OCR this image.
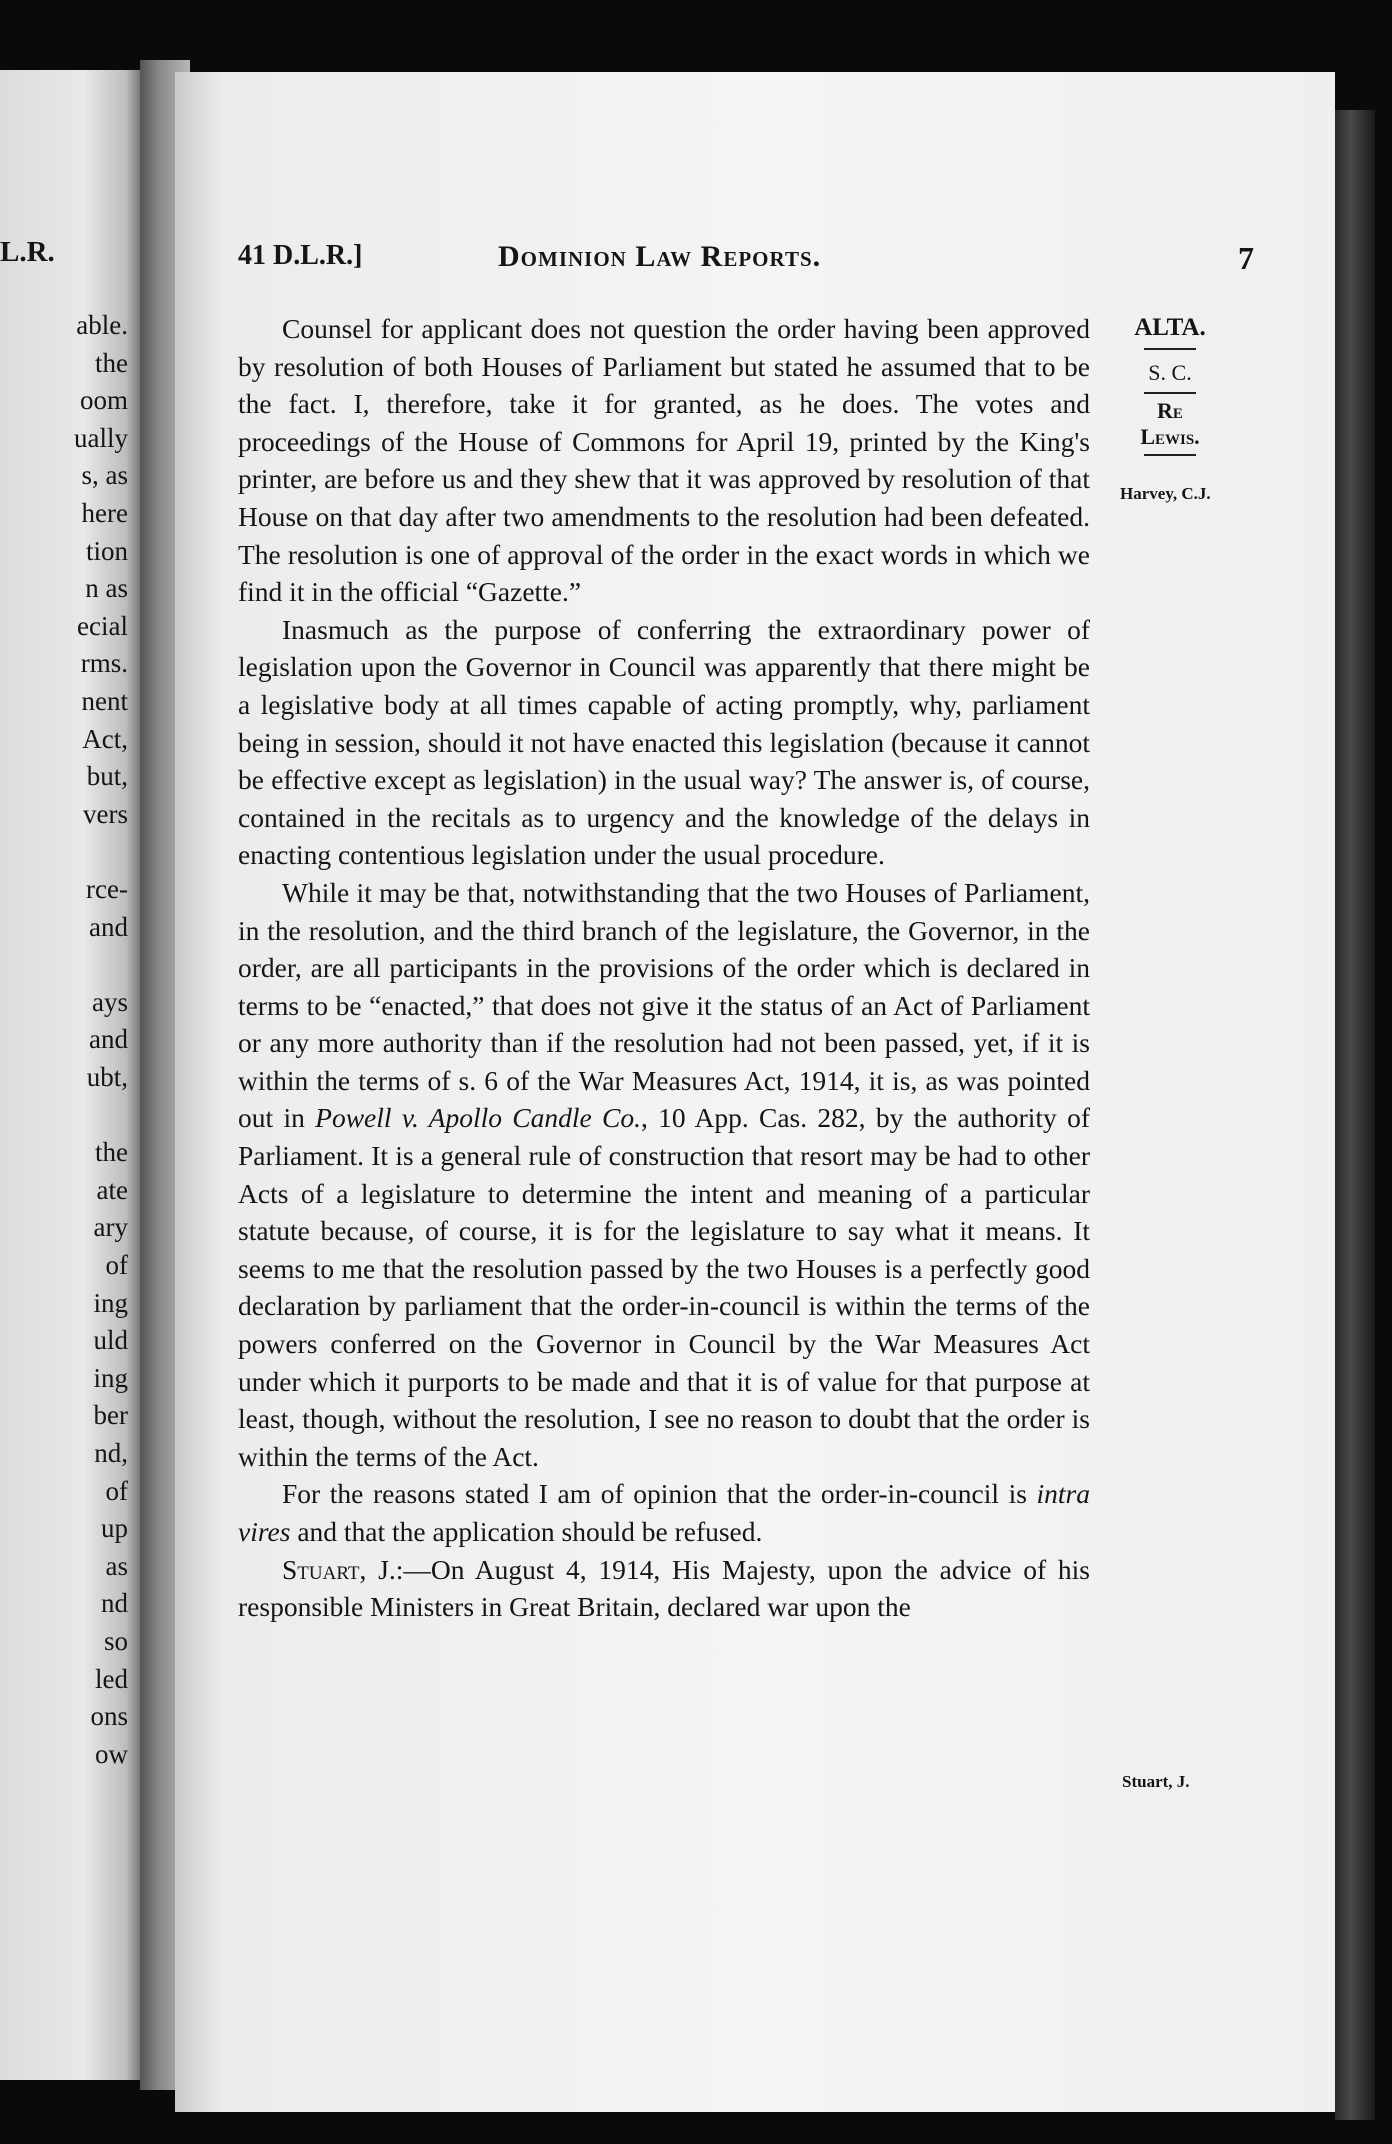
L.R.
able.
the
oom
ually
s, as
here
tion
n as
ecial
rms.
nent
Act,
but,
vers
rce-
and
ays
and
ubt,
the
ate
ary
of
ing
uld
ing
ber
nd,
of
up
as
nd
so
led
ons
ow
41 D.L.R.]	Dominion Law Reports.	7
ALTA.
S. C.
Re
Lewis.
Harvey, C.J.
Stuart, J.

Counsel for applicant does not question the order having been approved by resolution of both Houses of Parliament but stated he assumed that to be the fact. I, therefore, take it for granted, as he does. The votes and proceedings of the House of Commons for April 19, printed by the King's printer, are before us and they shew that it was approved by resolution of that House on that day after two amendments to the resolution had been defeated. The resolution is one of approval of the order in the exact words in which we find it in the official “Gazette.”

Inasmuch as the purpose of conferring the extraordinary power of legislation upon the Governor in Council was apparently that there might be a legislative body at all times capable of acting promptly, why, parliament being in session, should it not have enacted this legislation (because it cannot be effective except as legislation) in the usual way? The answer is, of course, contained in the recitals as to urgency and the knowledge of the delays in enacting contentious legislation under the usual procedure.

While it may be that, notwithstanding that the two Houses of Parliament, in the resolution, and the third branch of the legislature, the Governor, in the order, are all participants in the provisions of the order which is declared in terms to be “enacted,” that does not give it the status of an Act of Parliament or any more authority than if the resolution had not been passed, yet, if it is within the terms of s. 6 of the War Measures Act, 1914, it is, as was pointed out in Powell v. Apollo Candle Co., 10 App. Cas. 282, by the authority of Parliament. It is a general rule of construction that resort may be had to other Acts of a legislature to determine the intent and meaning of a particular statute because, of course, it is for the legislature to say what it means. It seems to me that the resolution passed by the two Houses is a perfectly good declaration by parliament that the order-in-council is within the terms of the powers conferred on the Governor in Council by the War Measures Act under which it purports to be made and that it is of value for that purpose at least, though, without the resolution, I see no reason to doubt that the order is within the terms of the Act.

For the reasons stated I am of opinion that the order-in-council is intra vires and that the application should be refused.

Stuart, J.:—On August 4, 1914, His Majesty, upon the advice of his responsible Ministers in Great Britain, declared war upon the
